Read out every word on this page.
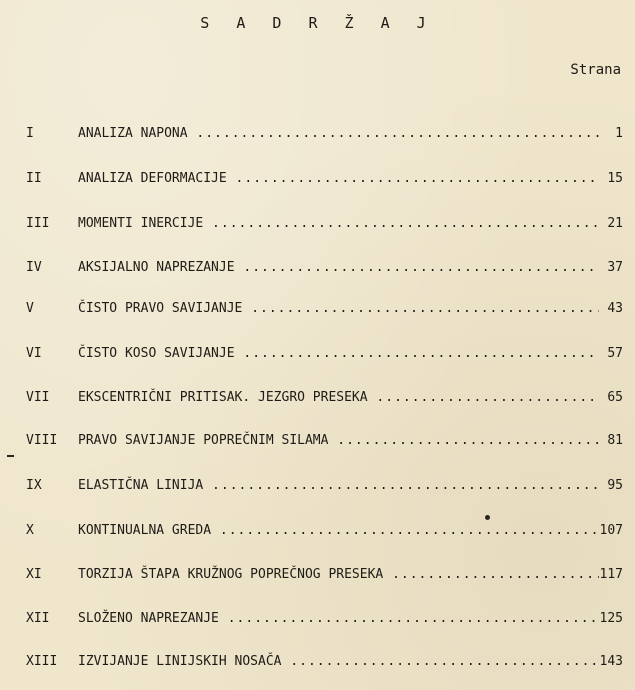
S A D R Ž A J
Strana
I	ANALIZA NAPONA .....	1
II	ANALIZA DEFORMACIJE .....	15
III	MOMENTI INERCIJE .....	21
IV	AKSIJALNO NAPREZANJE .....	37
V	ČISTO PRAVO SAVIJANJE .....	43
VI	ČISTO KOSO SAVIJANJE .....	57
VII	EKSCENTRIČNI PRITISAK. JEZGRO PRESEKA .....	65
VIII	PRAVO SAVIJANJE POPREČNIM SILAMA .....	81
IX	ELASTIČNA LINIJA .....	95
X	KONTINUALNA GREDA .....	107
XI	TORZIJA ŠTAPA KRUŽNOG POPREČNOG PRESEKA .....	117
XII	SLOŽENO NAPREZANJE .....	125
XIII	IZVIJANJE LINIJSKIH NOSAČA .....	143
